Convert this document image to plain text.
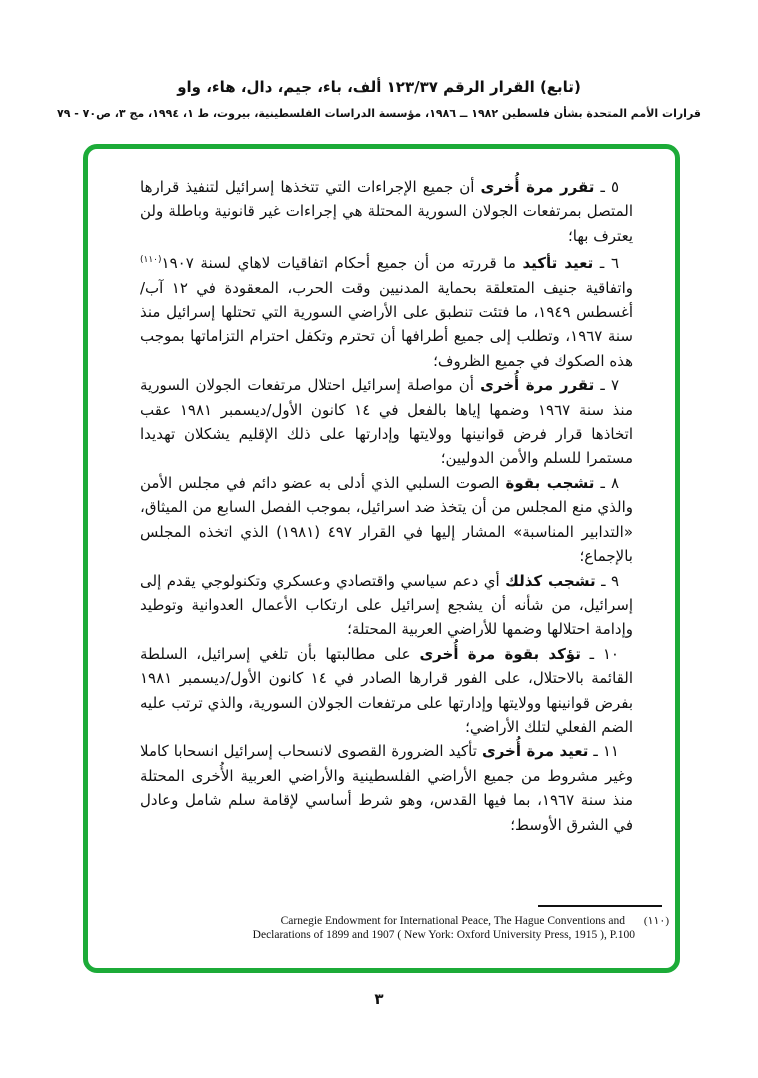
(تابع) القرار الرقم ١٢٣/٣٧ ألف، باء، جيم، دال، هاء، واو
قرارات الأمم المتحدة بشأن فلسطين ١٩٨٢ ــ ١٩٨٦، مؤسسة الدراسات الفلسطينية، بيروت، ط ١، ١٩٩٤، مج ٣، ص٧٠ - ٧٩

٥ ـ تقرر مرة أُخرى أن جميع الإجراءات التي تتخذها إسرائيل لتنفيذ قرارها المتصل بمرتفعات الجولان السورية المحتلة هي إجراءات غير قانونية وباطلة ولن يعترف بها؛

٦ ـ تعيد تأكيد ما قررته من أن جميع أحكام اتفاقيات لاهاي لسنة ١٩٠٧$^{(١١٠)}$ واتفاقية جنيف المتعلقة بحماية المدنيين وقت الحرب، المعقودة في ١٢ آب/أغسطس ١٩٤٩، ما فتئت تنطبق على الأراضي السورية التي تحتلها إسرائيل منذ سنة ١٩٦٧، وتطلب إلى جميع أطرافها أن تحترم وتكفل احترام التزاماتها بموجب هذه الصكوك في جميع الظروف؛

٧ ـ تقرر مرة أُخرى أن مواصلة إسرائيل احتلال مرتفعات الجولان السورية منذ سنة ١٩٦٧ وضمها إياها بالفعل في ١٤ كانون الأول/ديسمبر ١٩٨١ عقب اتخاذها قرار فرض قوانينها وولايتها وإدارتها على ذلك الإقليم يشكلان تهديدا مستمرا للسلم والأمن الدوليين؛

٨ ـ تشجب بقوة الصوت السلبي الذي أدلى به عضو دائم في مجلس الأمن والذي منع المجلس من أن يتخذ ضد اسرائيل، بموجب الفصل السابع من الميثاق، «التدابير المناسبة» المشار إليها في القرار ٤٩٧ (١٩٨١) الذي اتخذه المجلس بالإجماع؛

٩ ـ تشجب كذلك أي دعم سياسي واقتصادي وعسكري وتكنولوجي يقدم إلى إسرائيل، من شأنه أن يشجع إسرائيل على ارتكاب الأعمال العدوانية وتوطيد وإدامة احتلالها وضمها للأراضي العربية المحتلة؛

١٠ ـ تؤكد بقوة مرة أُخرى على مطالبتها بأن تلغي إسرائيل، السلطة القائمة بالاحتلال، على الفور قرارها الصادر في ١٤ كانون الأول/ديسمبر ١٩٨١ بفرض قوانينها وولايتها وإدارتها على مرتفعات الجولان السورية، والذي ترتب عليه الضم الفعلي لتلك الأراضي؛

١١ ـ تعيد مرة أُخرى تأكيد الضرورة القصوى لانسحاب إسرائيل انسحابا كاملا وغير مشروط من جميع الأراضي الفلسطينية والأراضي العربية الأُخرى المحتلة منذ سنة ١٩٦٧، بما فيها القدس، وهو شرط أساسي لإقامة سلم شامل وعادل في الشرق الأوسط؛

(١١٠)
Carnegie Endowment for International Peace, The Hague Conventions and
Declarations of 1899 and 1907 ( New York: Oxford University Press, 1915 ), P.100
٣
